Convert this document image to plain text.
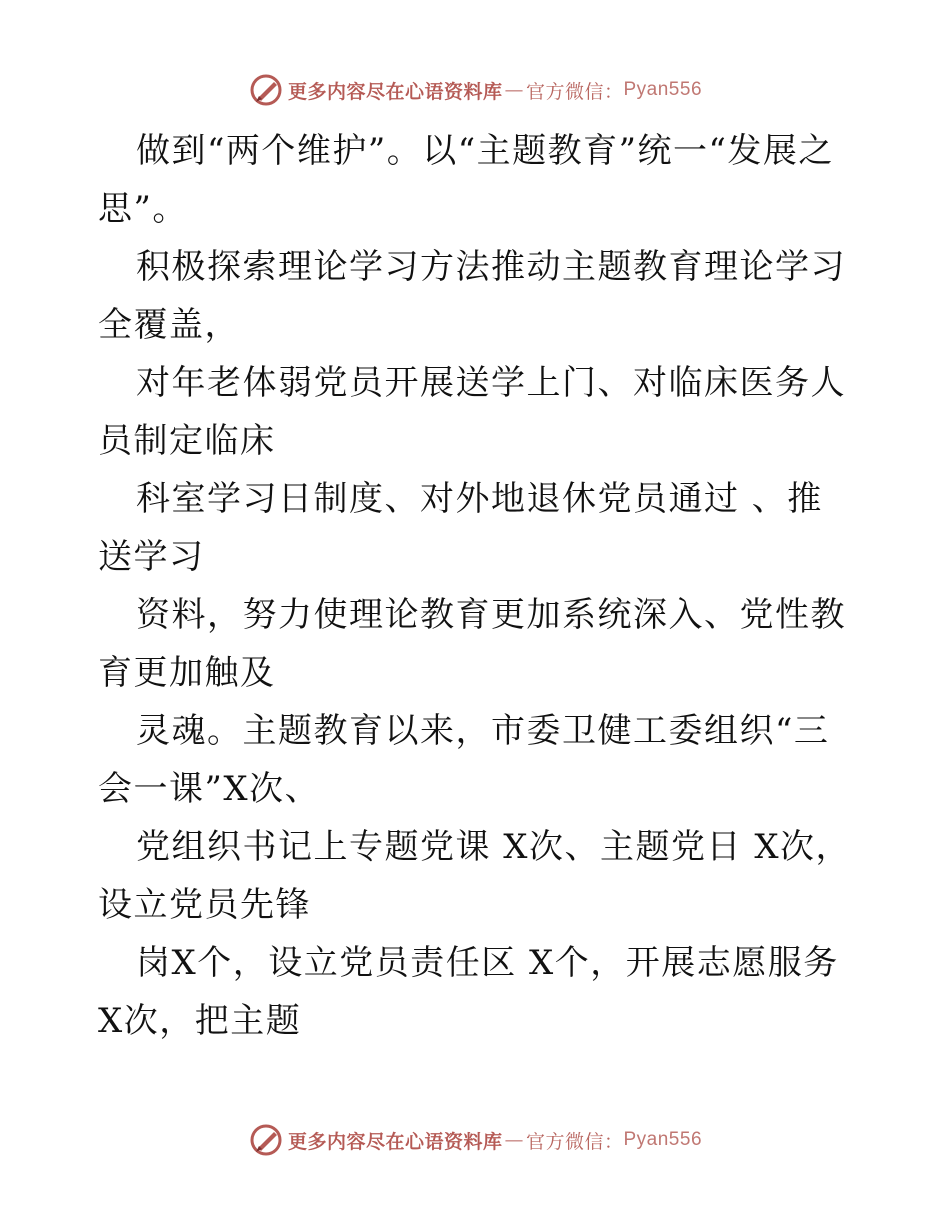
更多内容尽在心语资料库 — 官方微信： Pyan556

做到“两个维护”。以“主题教育”统一“发展之思”。

积极探索理论学习方法推动主题教育理论学习全覆盖，

对年老体弱党员开展送学上门、对临床医务人员制定临床

科室学习日制度、对外地退休党员通过 、推送学习

资料，努力使理论教育更加系统深入、党性教育更加触及

灵魂。主题教育以来，市委卫健工委组织“三会一课”X次、

党组织书记上专题党课 X次、主题党日 X次，设立党员先锋

岗X个，设立党员责任区 X个，开展志愿服务 X次，把主题

更多内容尽在心语资料库 — 官方微信： Pyan556
